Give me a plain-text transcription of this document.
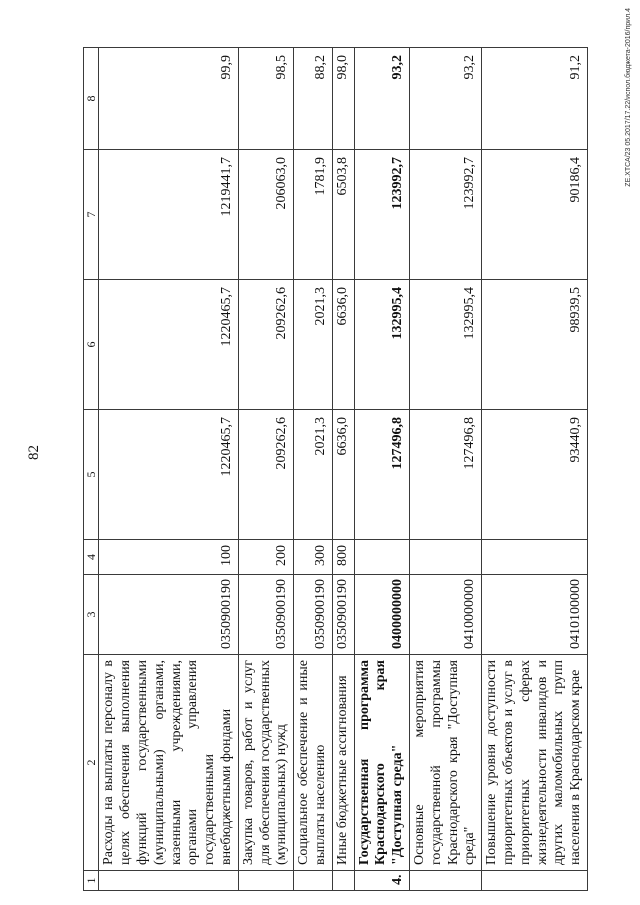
82
1	2	3	4	5	6	7	8
	Расходы на выплаты персоналу в целях обеспечения выполнения функций государственными (муниципальными) органами, казенными учреждениями, органами управления государственными внебюджетными фондами	0350900190	100	1220465,7	1220465,7	1219441,7	99,9
	Закупка товаров, работ и услуг для обеспечения государственных (муниципальных) нужд	0350900190	200	209262,6	209262,6	206063,0	98,5
	Социальное обеспечение и иные выплаты населению	0350900190	300	2021,3	2021,3	1781,9	88,2
	Иные бюджетные ассигнования	0350900190	800	6636,0	6636,0	6503,8	98,0
4.	Государственная программа Краснодарского края "Доступная среда"	0400000000		127496,8	132995,4	123992,7	93,2
	Основные мероприятия государственной программы Краснодарского края "Доступная среда"	0410000000		127496,8	132995,4	123992,7	93,2
	Повышение уровня доступности приоритетных объектов и услуг в приоритетных сферах жизнедеятельности инвалидов и других маломобильных групп населения в Краснодарском крае	0410100000		93440,9	98939,5	90186,4	91,2	ZЕ.XТСА/23 05.2017/17.22/испол.бюджета-2016/прил.4
